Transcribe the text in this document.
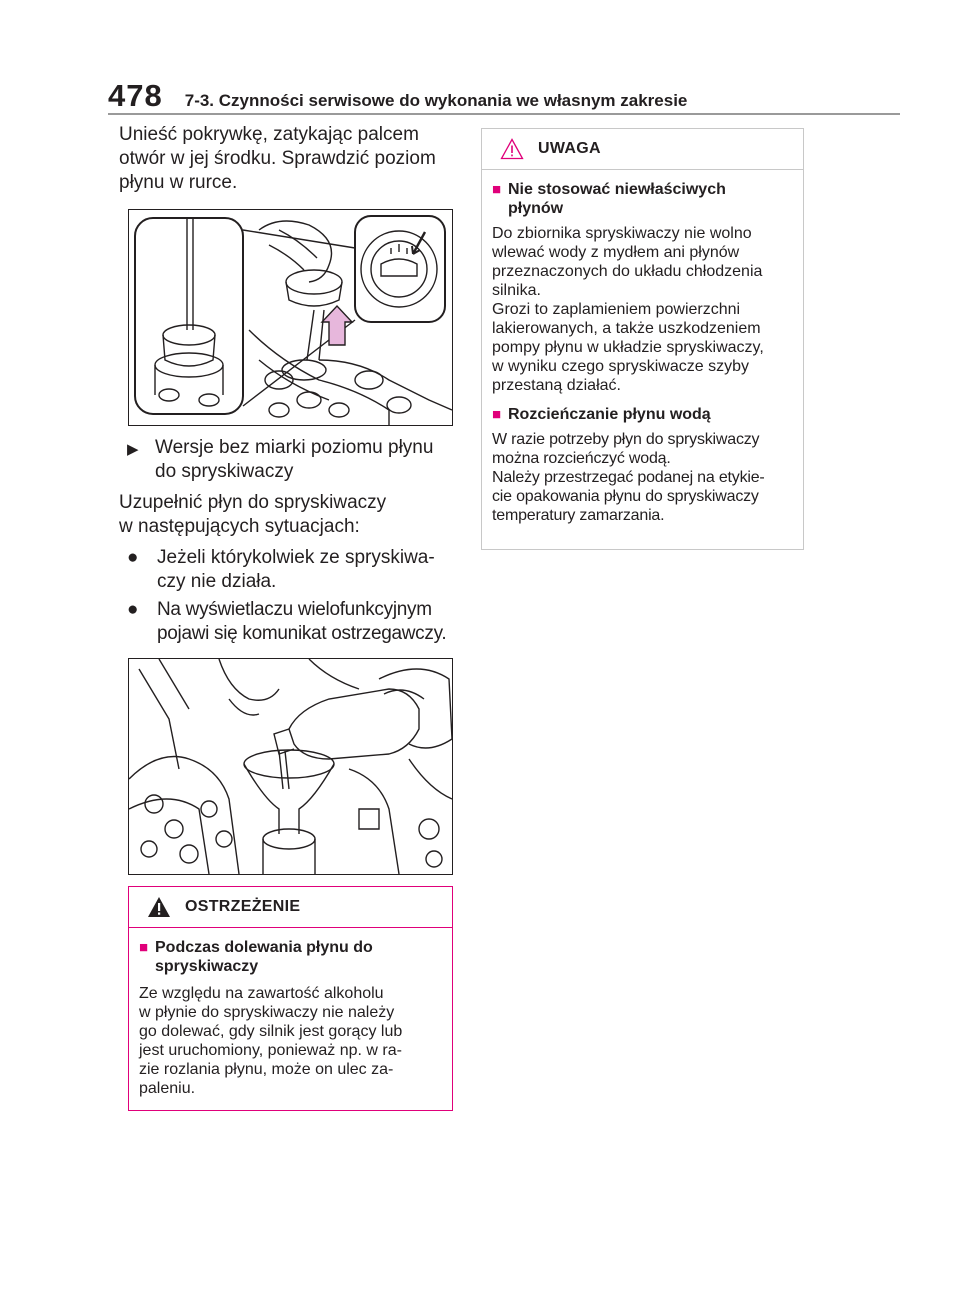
478 7-3. Czynności serwisowe do wykonania we własnym zakresie

Unieść pokrywkę, zatykając palcem

otwór w jej środku. Sprawdzić poziom

płynu w rurce.

▶ Wersje bez miarki poziomu płynu

do spryskiwaczy

Uzupełnić płyn do spryskiwaczy

w następujących sytuacjach:

● Jeżeli którykolwiek ze spryskiwa-

czy nie działa.

● Na wyświetlaczu wielofunkcyjnym

pojawi się komunikat ostrzegawczy.

OSTRZEŻENIE
■ Podczas dolewania płynu do
spryskiwaczy
Ze względu na zawartość alkoholu
w płynie do spryskiwaczy nie należy
go dolewać, gdy silnik jest gorący lub
jest uruchomiony, ponieważ np. w ra-
zie rozlania płynu, może on ulec za-
paleniu.
UWAGA
■ Nie stosować niewłaściwych
płynów
Do zbiornika spryskiwaczy nie wolno
wlewać wody z mydłem ani płynów
przeznaczonych do układu chłodzenia
silnika.
Grozi to zaplamieniem powierzchni
lakierowanych, a także uszkodzeniem
pompy płynu w układzie spryskiwaczy,
w wyniku czego spryskiwacze szyby
przestaną działać.
■ Rozcieńczanie płynu wodą
W razie potrzeby płyn do spryskiwaczy
można rozcieńczyć wodą.
Należy przestrzegać podanej na etykie-
cie opakowania płynu do spryskiwaczy
temperatury zamarzania.
